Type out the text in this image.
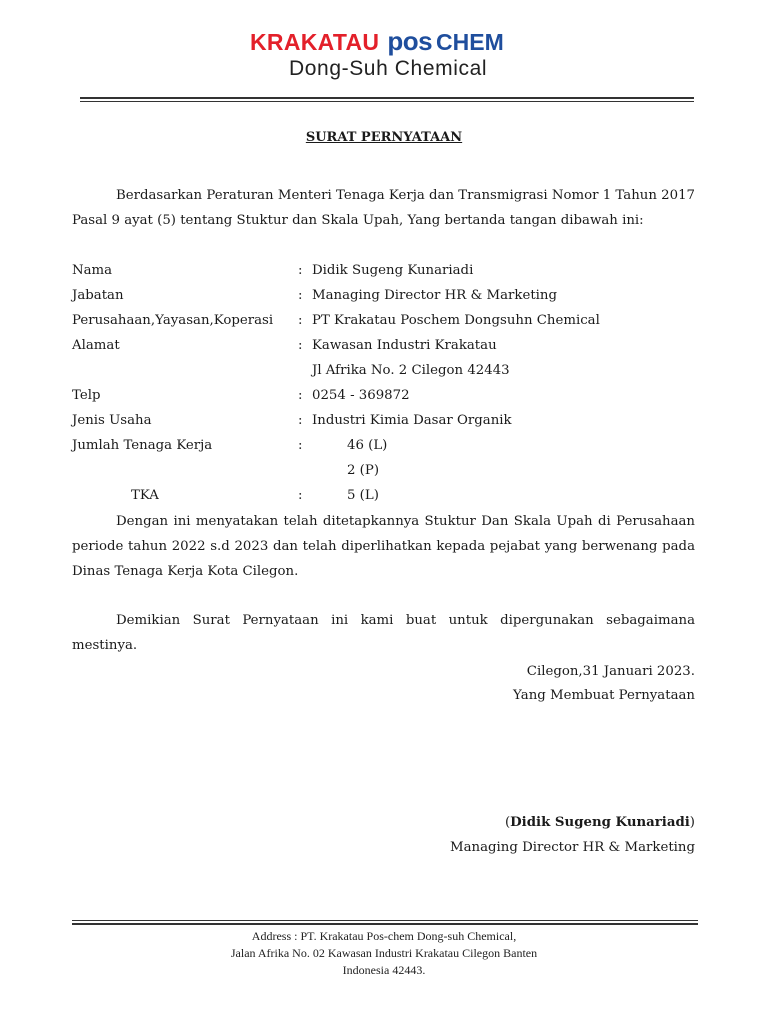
KRAKATAU pos CHEM
Dong-Suh Chemical
SURAT PERNYATAAN
Berdasarkan Peraturan Menteri Tenaga Kerja dan Transmigrasi Nomor 1 Tahun 2017 Pasal 9 ayat (5) tentang Stuktur dan Skala Upah, Yang bertanda tangan dibawah ini:
Nama	: Didik Sugeng Kunariadi
Jabatan	: Managing Director HR & Marketing
Perusahaan,Yayasan,Koperasi : PT Krakatau Poschem Dongsuhn Chemical
Alamat	: Kawasan Industri Krakatau
Jl Afrika No. 2 Cilegon 42443
Telp	: 0254 - 369872
Jenis Usaha	: Industri Kimia Dasar Organik
Jumlah Tenaga Kerja	:	46 (L)
2 (P)
TKA	:	5 (L)
Dengan ini menyatakan telah ditetapkannya Stuktur Dan Skala Upah di Perusahaan periode tahun 2022 s.d 2023 dan telah diperlihatkan kepada pejabat yang berwenang pada Dinas Tenaga Kerja Kota Cilegon.
Demikian Surat Pernyataan ini kami buat untuk dipergunakan sebagaimana mestinya.
Cilegon,31 Januari 2023.
Yang Membuat Pernyataan
(Didik Sugeng Kunariadi)
Managing Director HR & Marketing
Address : PT. Krakatau Pos-chem Dong-suh Chemical,
Jalan Afrika No. 02 Kawasan Industri Krakatau Cilegon Banten
Indonesia 42443.
